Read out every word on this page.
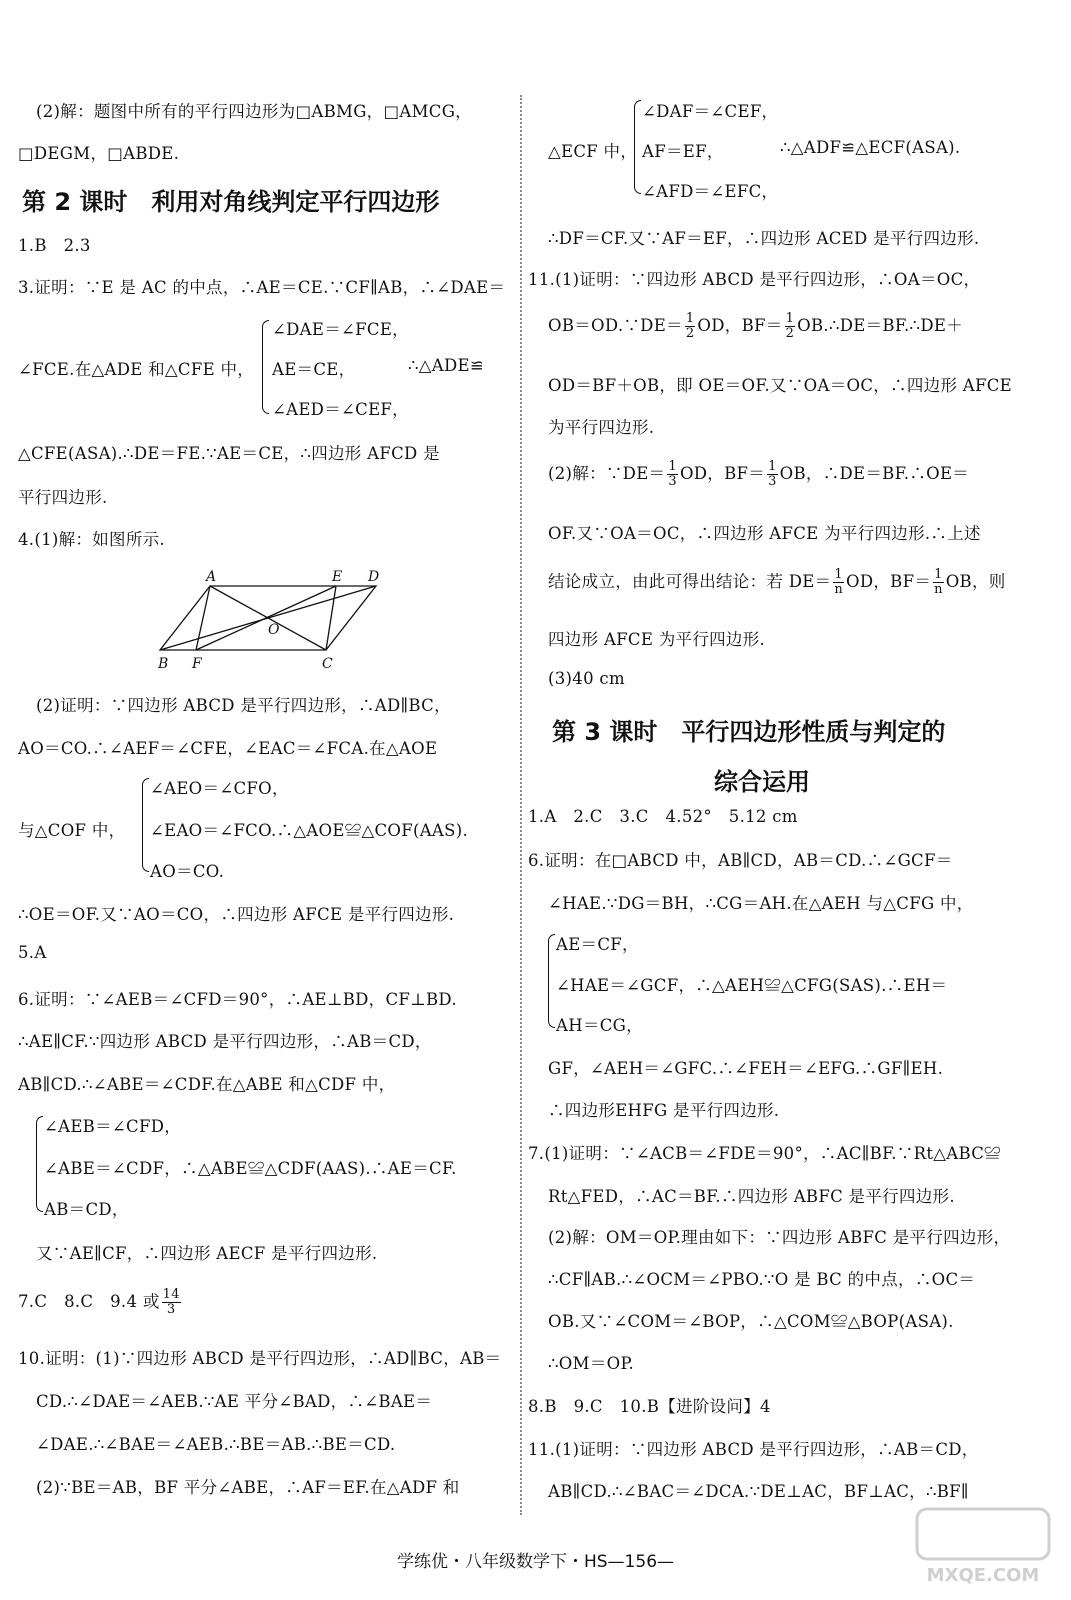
(2)解：题图中所有的平行四边形为□ABMG，□AMCG，
□DEGM，□ABDE.
第 2 课时　利用对角线判定平行四边形
1.B　2.3
3.证明：∵E 是 AC 的中点，∴AE＝CE.∵CF∥AB，∴∠DAE＝
∠DAE＝∠FCE，
AE＝CE，
∠AED＝∠CEF，
∠FCE.在△ADE 和△CFE 中，	∴△ADE≌
△CFE(ASA).∴DE＝FE.∵AE＝CE，∴四边形 AFCD 是
平行四边形.
4.(1)解：如图所示.
A	E D
O
B F	C
(2)证明：∵四边形 ABCD 是平行四边形，∴AD∥BC，
AO＝CO.∴∠AEF＝∠CFE，∠EAC＝∠FCA.在△AOE
∠AEO＝∠CFO，
∠EAO＝∠FCO.∴△AOE≌△COF(AAS).
AO＝CO.
与△COF 中，
∴OE＝OF.又∵AO＝CO，∴四边形 AFCE 是平行四边形.
5.A
6.证明：∵∠AEB＝∠CFD＝90°，∴AE⊥BD，CF⊥BD.
∴AE∥CF.∵四边形 ABCD 是平行四边形，∴AB＝CD，
AB∥CD.∴∠ABE＝∠CDF.在△ABE 和△CDF 中，
∠AEB＝∠CFD，
∠ABE＝∠CDF，∴△ABE≌△CDF(AAS).∴AE＝CF.
AB＝CD，
又∵AE∥CF，∴四边形 AECF 是平行四边形.
7.C　8.C　9.4 或 $\frac{14}{3}$
10.证明：(1)∵四边形 ABCD 是平行四边形，∴AD∥BC，AB＝
CD.∴∠DAE＝∠AEB.∵AE 平分∠BAD，∴∠BAE＝
∠DAE.∴∠BAE＝∠AEB.∴BE＝AB.∴BE＝CD.
(2)∵BE＝AB，BF 平分∠ABE，∴AF＝EF.在△ADF 和
∠DAF＝∠CEF，
AF＝EF，
∠AFD＝∠EFC，
△ECF 中，	∴△ADF≌△ECF(ASA).
∴DF＝CF.又∵AF＝EF，∴四边形 ACED 是平行四边形.
11.(1)证明：∵四边形 ABCD 是平行四边形，∴OA＝OC，
OB＝OD.∵DE＝ $\frac{1}{2}$ OD，$BF= \frac{1}{2}$ OB.∴DE＝BF.∴DE＋
OD＝BF＋OB，即 OE＝OF.又∵OA＝OC，∴四边形 AFCE
为平行四边形.
(2)解：∵DE＝ $\frac{1}{3}$ OD，$BF= \frac{1}{3}$ OB，∴DE＝BF.∴OE＝
OF.又∵OA＝OC，∴四边形 AFCE 为平行四边形.∴上述
结论成立，由此可得出结论：若 $DE= \frac{1}{n}$ OD，$BF= \frac{1}{n}$ OB，则
四边形 AFCE 为平行四边形.
(3)40 cm
第 3 课时　平行四边形性质与判定的
综合运用
1.A　2.C　3.C　4.52°　5.12 cm
6.证明：在□ABCD 中，AB∥CD，AB＝CD.∴∠GCF＝
∠HAE.∵DG＝BH，∴CG＝AH.在△AEH 与△CFG 中，
AE＝CF，
∠HAE＝∠GCF，∴△AEH≌△CFG(SAS).∴EH＝
AH＝CG，
GF，∠AEH＝∠GFC.∴∠FEH＝∠EFG.∴GF∥EH.
∴四边形EHFG 是平行四边形.
7.(1)证明：∵∠ACB＝∠FDE＝90°，∴AC∥BF.∵Rt△ABC≌
Rt△FED，∴AC＝BF.∴四边形 ABFC 是平行四边形.
(2)解：OM＝OP.理由如下：∵四边形 ABFC 是平行四边形，
∴CF∥AB.∴∠OCM＝∠PBO.∵O 是 BC 的中点，∴OC＝
OB.又∵∠COM＝∠BOP，∴△COM≌△BOP(ASA).
∴OM＝OP.
8.B　9.C　10.B【进阶设问】4
11.(1)证明：∵四边形 ABCD 是平行四边形，∴AB＝CD，
AB∥CD.∴∠BAC＝∠DCA.∵DE⊥AC，BF⊥AC，∴BF∥
学练优・八年级数学下・HS—156—
MXQE.COM
